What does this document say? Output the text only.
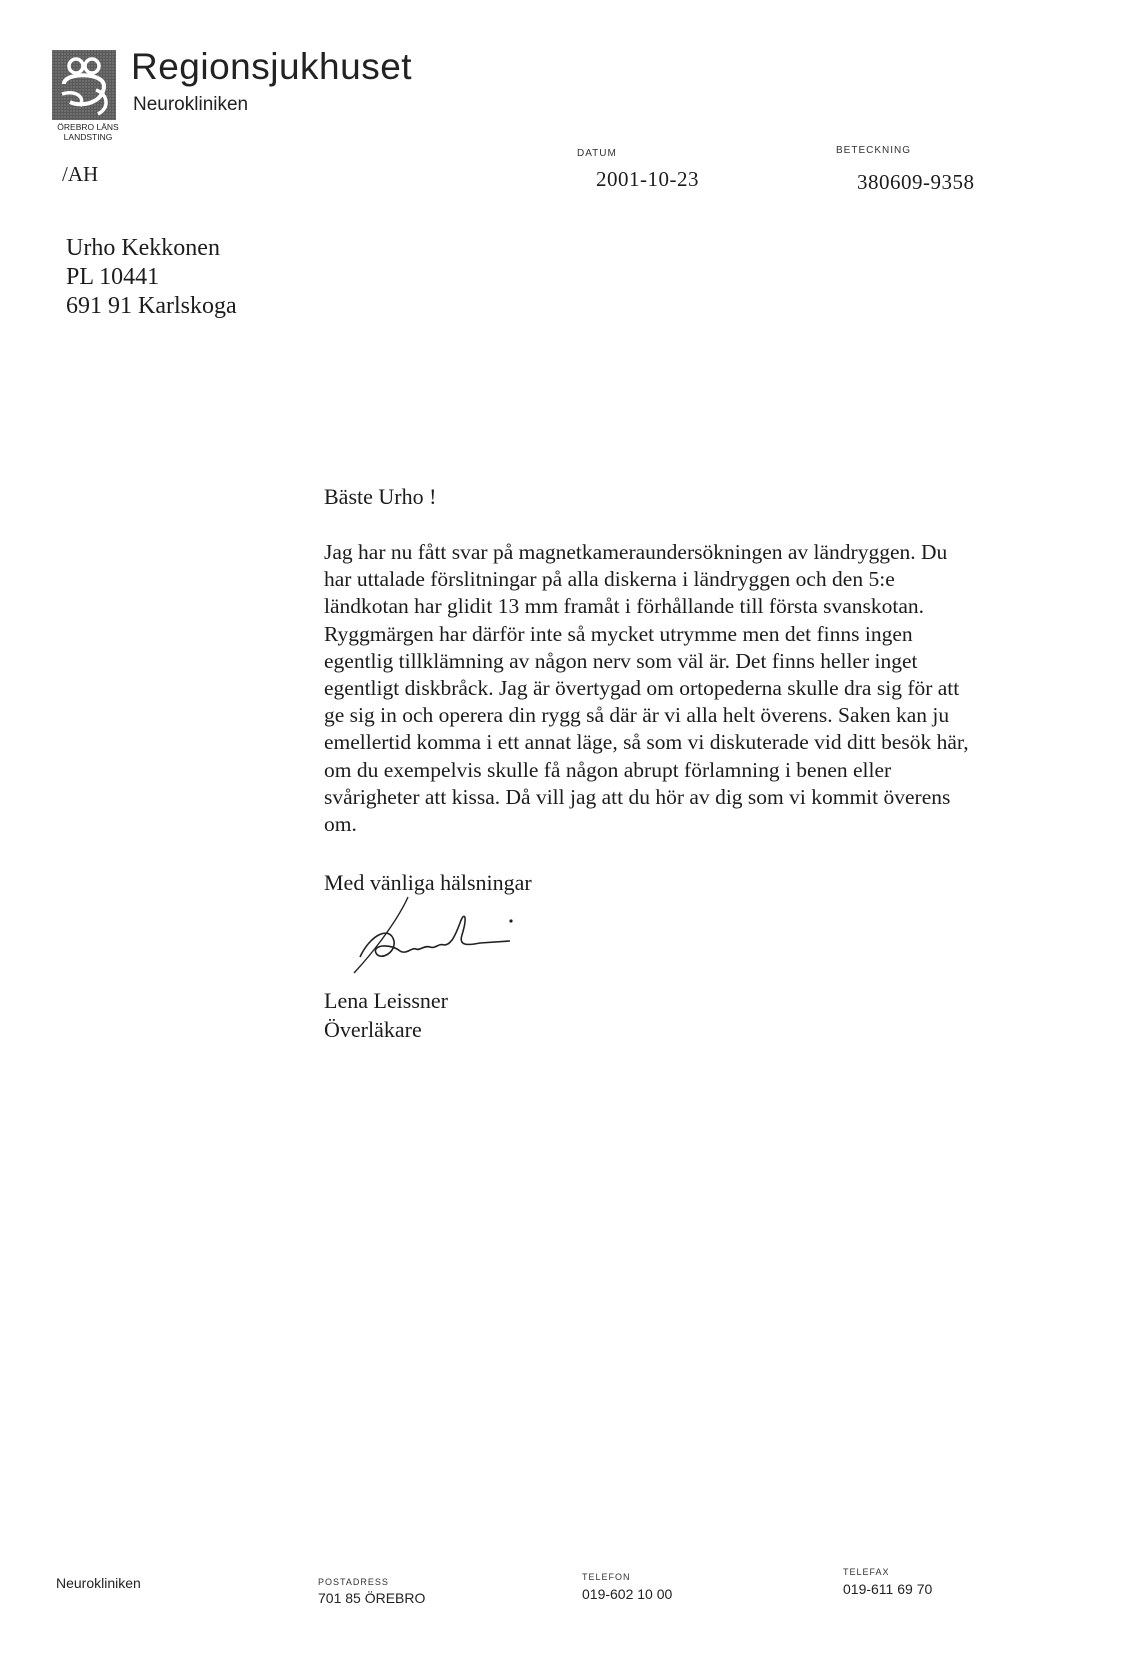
Regionsjukhuset
Neurokliniken
ÖREBRO LÄNS
LANDSTING
/AH
DATUM
2001-10-23
BETECKNING
380609-9358
Urho Kekkonen
PL 10441
691 91 Karlskoga
Bäste Urho !
Jag har nu fått svar på magnetkameraundersökningen av ländryggen. Du
har uttalade förslitningar på alla diskerna i ländryggen och den 5:e
ländkotan har glidit 13 mm framåt i förhållande till första svanskotan.
Ryggmärgen har därför inte så mycket utrymme men det finns ingen
egentlig tillklämning av någon nerv som väl är. Det finns heller inget
egentligt diskbråck. Jag är övertygad om ortopederna skulle dra sig för att
ge sig in och operera din rygg så där är vi alla helt överens. Saken kan ju
emellertid komma i ett annat läge, så som vi diskuterade vid ditt besök här,
om du exempelvis skulle få någon abrupt förlamning i benen eller
svårigheter att kissa. Då vill jag att du hör av dig som vi kommit överens
om.
Med vänliga hälsningar
Lena Leissner
Överläkare
Neurokliniken	POSTADRESS
701 85 ÖREBRO
TELEFON
019-602 10 00
TELEFAX
019-611 69 70
